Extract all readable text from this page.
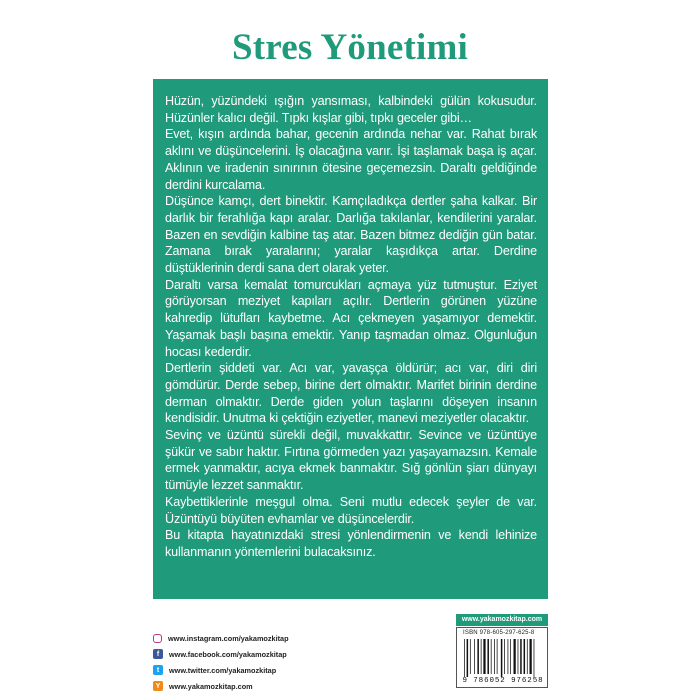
Stres Yönetimi

Hüzün, yüzündeki ışığın yansıması, kalbindeki gülün kokusudur. Hüzünler kalıcı değil. Tıpkı kışlar gibi, tıpkı geceler gibi…

Evet, kışın ardında bahar, gecenin ardında nehar var. Rahat bırak aklını ve düşüncelerini. İş olacağına varır. İşi taşlamak başa iş açar. Aklının ve iradenin sınırının ötesine geçemezsin. Daraltı geldiğinde derdini kurcalama.

Düşünce kamçı, dert binektir. Kamçıladıkça dertler şaha kalkar. Bir darlık bir ferahlığa kapı aralar. Darlığa takılanlar, kendilerini yaralar. Bazen en sevdiğin kalbine taş atar. Bazen bitmez dediğin gün batar. Zamana bırak yaralarını; yaralar kaşıdıkça artar. Derdine düştüklerinin derdi sana dert olarak yeter.

Daraltı varsa kemalat tomurcukları açmaya yüz tutmuştur. Eziyet görüyorsan meziyet kapıları açılır. Dertlerin görünen yüzüne kahredip lütufları kaybetme. Acı çekmeyen yaşamıyor demektir. Yaşamak başlı başına emektir. Yanıp taşmadan olmaz. Olgunluğun hocası kederdir.

Dertlerin şiddeti var. Acı var, yavaşça öldürür; acı var, diri diri gömdürür. Derde sebep, birine dert olmaktır. Marifet birinin derdine derman olmaktır. Derde giden yolun taşlarını döşeyen insanın kendisidir. Unutma ki çektiğin eziyetler, manevi meziyetler olacaktır.

Sevinç ve üzüntü sürekli değil, muvakkattır. Sevince ve üzüntüye şükür ve sabır haktır. Fırtına görmeden yazı yaşayamazsın. Kemale ermek yanmaktır, acıya ekmek banmaktır. Sığ gönlün şiarı dünyayı tümüyle lezzet sanmaktır.

Kaybettiklerinle meşgul olma. Seni mutlu edecek şeyler de var. Üzüntüyü büyüten evhamlar ve düşüncelerdir.

Bu kitapta hayatınızdaki stresi yönlendirmenin ve kendi lehinize kullanmanın yöntemlerini bulacaksınız.

www.instagram.com/yakamozkitap
f	www.facebook.com/yakamozkitap
t	www.twitter.com/yakamozkitap
Y	www.yakamozkitap.com
www.yakamozkitap.com
ISBN 978-605-297-625-8
9 786052 976258
